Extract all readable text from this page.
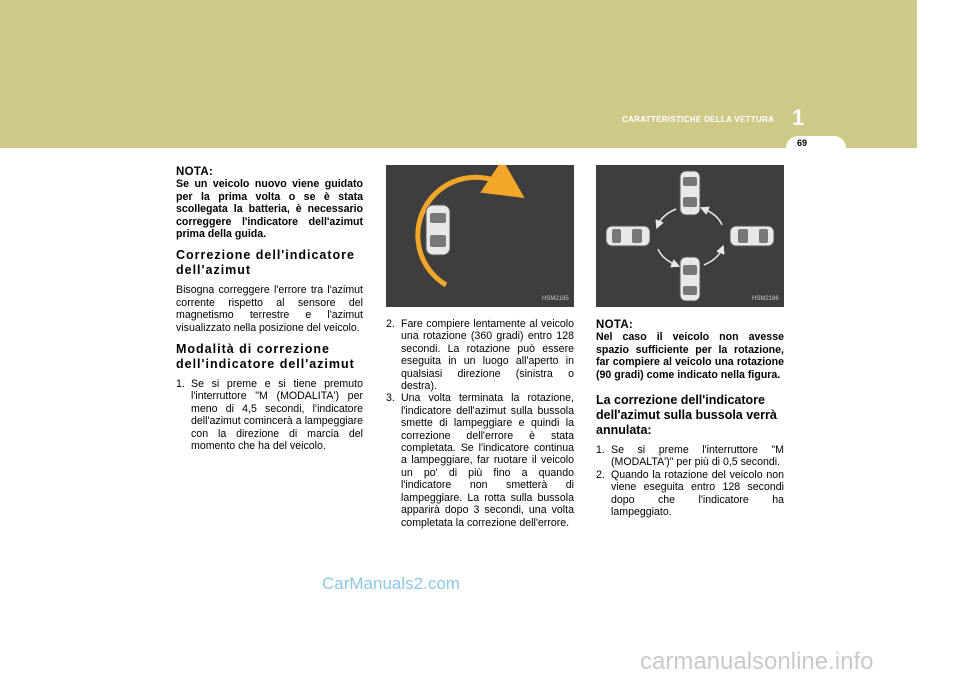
CARATTERISTICHE DELLA VETTURA 1
69

NOTA:

Se un veicolo nuovo viene guidato per la prima volta o se è stata scollegata la batteria, è necessario correggere l'indicatore dell'azimut prima della guida.

Correzione dell'indicatore dell'azimut

Bisogna correggere l'errore tra l'azimut corrente rispetto al sensore del magnetismo terrestre e l'azimut visualizzato nella posizione del veicolo.

Modalità di correzione dell'indicatore dell'azimut

1. Se si preme e si tiene premuto l'interruttore "M (MODALITA') per meno di 4,5 secondi, l'indicatore dell'azimut comincerà a lampeggiare con la direzione di marcia del momento che ha del veicolo.
HSM2185
2. Fare compiere lentamente al veicolo una rotazione (360 gradi) entro 128 secondi. La rotazione può essere eseguita in un luogo all'aperto in qualsiasi direzione (sinistra o destra).
3. Una volta terminata la rotazione, l'indicatore dell'azimut sulla bussola smette di lampeggiare e quindi la correzione dell'errore è stata completata. Se l'indicatore continua a lampeggiare, far ruotare il veicolo un po' di più fino a quando l'indicatore non smetterà di lampeggiare. La rotta sulla bussola apparirà dopo 3 secondi, una volta completata la correzione dell'errore.
HSM2186

NOTA:

Nel caso il veicolo non avesse spazio sufficiente per la rotazione, far compiere al veicolo una rotazione (90 gradi) come indicato nella figura.

La correzione dell'indicatore dell'azimut sulla bussola verrà annulata:

1. Se si preme l'interruttore "M (MODALTA')" per più di 0,5 secondi.
2. Quando la rotazione del veicolo non viene eseguita entro 128 secondi dopo che l'indicatore ha lampeggiato.
CarManuals2.com
carmanualsonline.info
